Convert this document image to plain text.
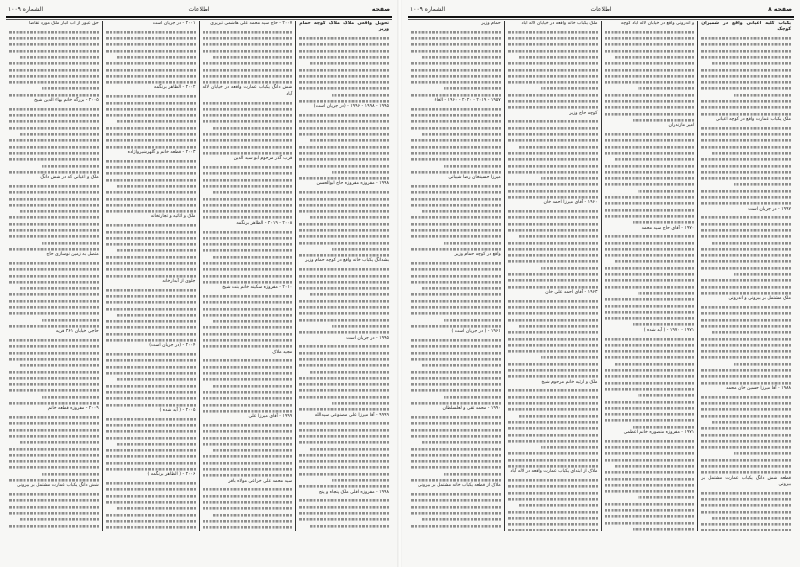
صفحه
اطلاعات
الشماره ۱۰۰۹
تحویل واقعی ملاک ملاک گوچه حمام وزیر
۱۹۹۵ - ۱۹۹۸ - ۱۹۹۶ - (در جریان است)
۱۹۹۸ - مفروزه مفروزه حاج ابوالحسن
بشدانگ یکباب خانه واقع در کوچه حمام وزیر
۱۹۹۵ - در جریان است
۹۹۹۹ - آقا میرزا علی مصنوعی سیدالله
۱۹۹۸ - مفروزه اقلی ملک پنجاه و پنج
۲۰۰۷ - حاج سید محمد علی هاشمی تبریزی
شش دانگ یکباب عمارت واقعه در خیابان لاله آباد
قرب گذر مرحوم ابو سید الدین
۲۰۰۸ - ۲۰۱۹ - الظاهر برنگمه
۲۰۱۰ - مفروزه سکینه خانم بنت شیخ
مجید ملاک
۱۹۹۹ - آقای میرزا علی
سید محمد علی خزاعی مولاه باقر
۲۰۰۱ - در جریان است
۲۰۰۲ - الظاهر برنگمه
۲۰۰۳ - قطعه خانم و گلهزشیرواژاده
ملک و اثاثیه و تجارتخانه
جلوی از آبدارخانه
۲۰۰۴ - (در جریان است)
۲۰۰۵ - ( آبد شده )
۲۰۰۶ - ( الظاهر برنگمه )
حق عبور از آب انبار ملک مورد تقاضا
۲۰۰۵ - بزرگه خانم بهاء الدین شیخ
ملک و اعیانی که در شش دانگ
متصل به زمین نوسازی حاج
حاجی خیابان ۲۶۱ قریه
۲۰۰۹ - مفروزه قطعه خانم
شش دانگ یکباب عمارت مشتمل بر بیرونی
صفحه ۸
اطلاعات
الشماره ۱۰۰۹
یکباب کلیه اعیانی واقع در شمیران کوچک
ملک یکباب عمارت واقع در کوچه اعیانی
۱۹۹۷ - در جریان است
ملک مشتمل بر بیرونی و اندرونی
۱۹۸۸ - آقا میرزا حسین خان محمد
قطعه شش دانگ یکباب عمارت مشتمل بر بیرونی
و اندرونی واقع در خیابان لاله آباد کوچه
امیر مازندران
۱۹۷۰ - آقای حاج سید محمد
۱۹۷۱ - ۱۹۷۰ - ( آبد شده )
۱۹۷۱ - مفروزه منصوره خانم اعظمی
ملک یکباب خانه واقعه در خیابان لاله آباد
کوچه حاج وزیر
۱۹۶۰ - آقای میرزا احمد خان
۱۹۶۳ - آقای احمد علی خان
ملک و ارثیه خانم مرحوم شیخ
ملاک از ابتدای یکباب عمارت واقعه در لاله آباد
حمام وزیر
۱۹۵۷ - ۲۰۱۹ - ۲۰۲۰ - ۱۹۶۰ - الغاء
میرزا حسینخان رضا شیبانی
واقع در کوچه حمام وزیر
۱۹۶۱ - ( در جریان است )
۱۹۹۰ - محمد تقی و لعلسلطان
ملاک از قطعه یکباب خانه مشتمل بر بیرونی
